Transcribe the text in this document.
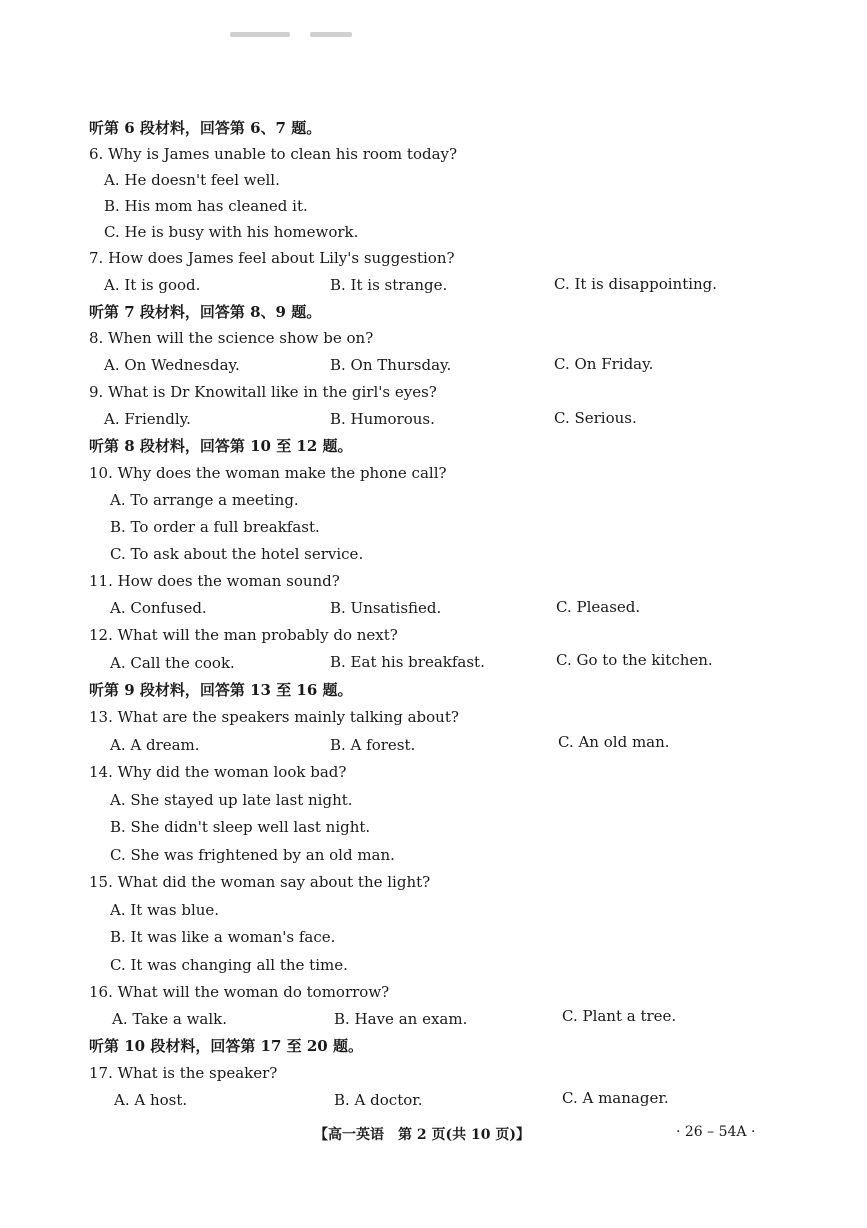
听第 6 段材料，回答第 6、7 题。
6. Why is James unable to clean his room today?
A. He doesn't feel well.
B. His mom has cleaned it.
C. He is busy with his homework.
7. How does James feel about Lily's suggestion?
A. It is good.	B. It is strange.	C. It is disappointing.
听第 7 段材料，回答第 8、9 题。
8. When will the science show be on?
A. On Wednesday.	B. On Thursday.	C. On Friday.
9. What is Dr Knowitall like in the girl's eyes?
A. Friendly.	B. Humorous.	C. Serious.
听第 8 段材料，回答第 10 至 12 题。
10. Why does the woman make the phone call?
A. To arrange a meeting.
B. To order a full breakfast.
C. To ask about the hotel service.
11. How does the woman sound?
A. Confused.	B. Unsatisfied.	C. Pleased.
12. What will the man probably do next?
A. Call the cook.	B. Eat his breakfast.	C. Go to the kitchen.
听第 9 段材料，回答第 13 至 16 题。
13. What are the speakers mainly talking about?
A. A dream.	B. A forest.	C. An old man.
14. Why did the woman look bad?
A. She stayed up late last night.
B. She didn't sleep well last night.
C. She was frightened by an old man.
15. What did the woman say about the light?
A. It was blue.
B. It was like a woman's face.
C. It was changing all the time.
16. What will the woman do tomorrow?
A. Take a walk.	B. Have an exam.	C. Plant a tree.
听第 10 段材料，回答第 17 至 20 题。
17. What is the speaker?
A. A host.	B. A doctor.	C. A manager.
【高一英语　第 2 页(共 10 页)】	· 26 – 54A ·
